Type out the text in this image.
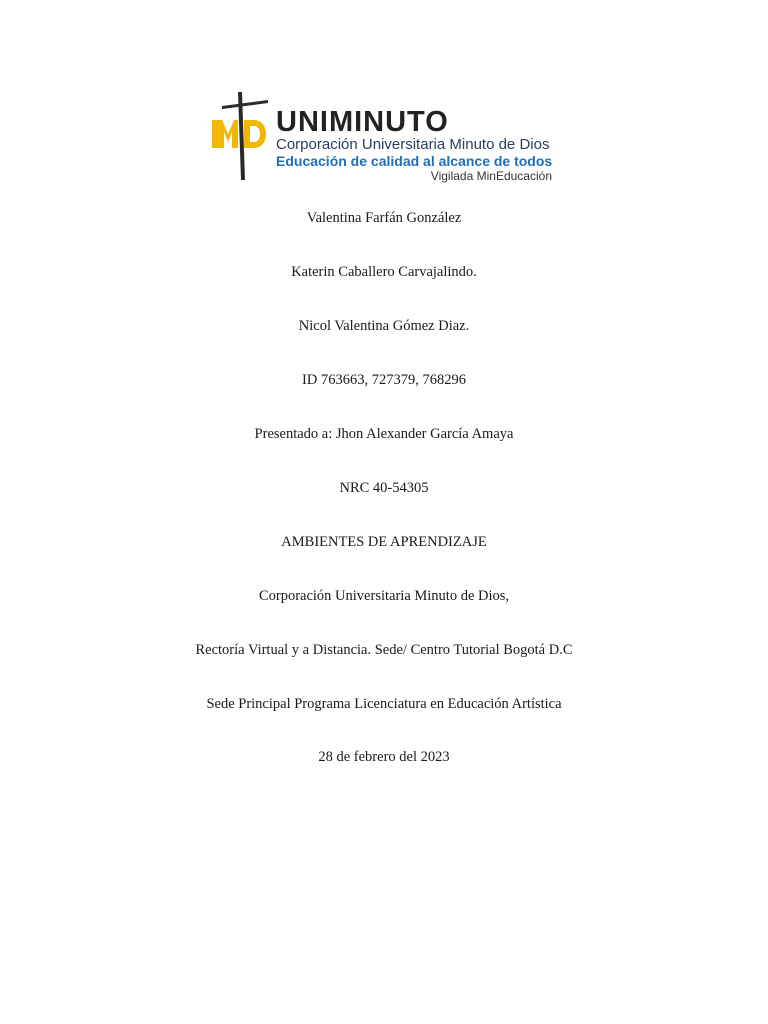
UNIMINUTO
Corporación Universitaria Minuto de Dios
Educación de calidad al alcance de todos
Vigilada MinEducación
Valentina Farfán González
Katerin Caballero Carvajalindo.
Nicol Valentina Gómez Diaz.
ID 763663, 727379, 768296
Presentado a: Jhon Alexander García Amaya
NRC 40-54305
AMBIENTES DE APRENDIZAJE
Corporación Universitaria Minuto de Dios,
Rectoría Virtual y a Distancia. Sede/ Centro Tutorial Bogotá D.C
Sede Principal Programa Licenciatura en Educación Artística
28 de febrero del 2023
